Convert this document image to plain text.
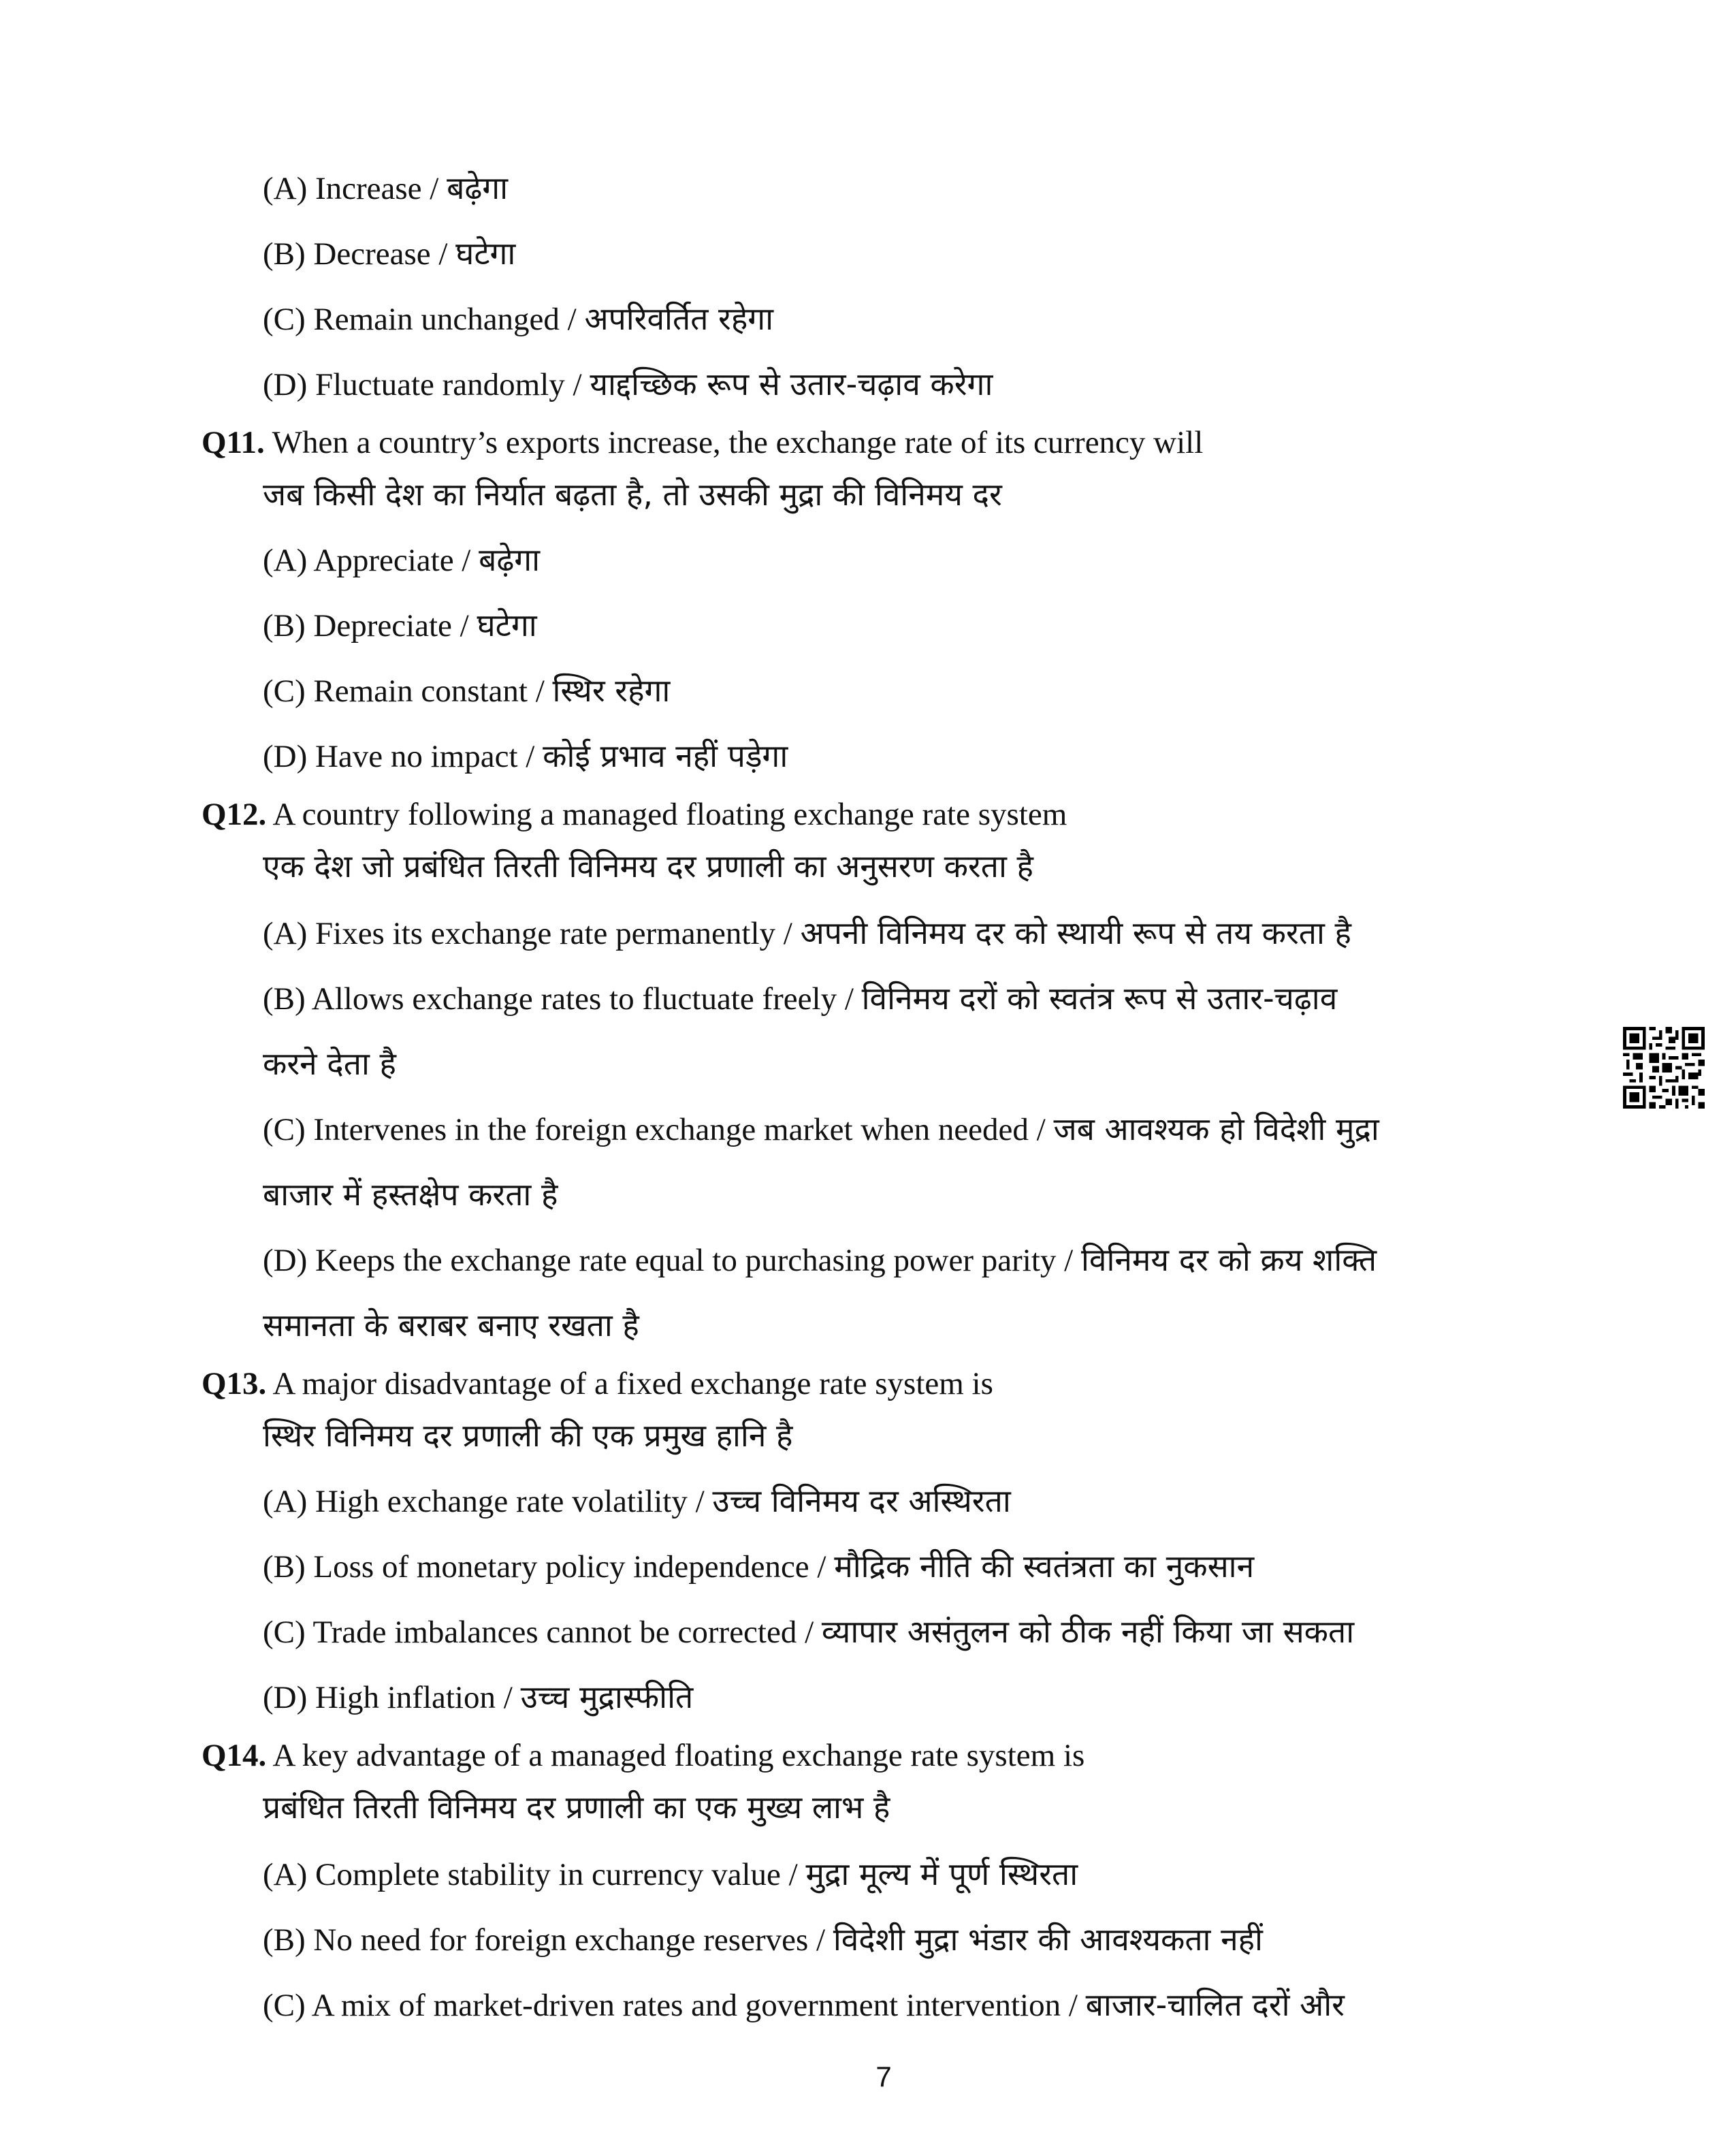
(A) Increase / बढ़ेगा
(B) Decrease / घटेगा
(C) Remain unchanged / अपरिवर्तित रहेगा
(D) Fluctuate randomly / याद्दच्छिक रूप से उतार-चढ़ाव करेगा
Q11. When a country’s exports increase, the exchange rate of its currency will
जब किसी देश का निर्यात बढ़ता है, तो उसकी मुद्रा की विनिमय दर
(A) Appreciate / बढ़ेगा
(B) Depreciate / घटेगा
(C) Remain constant / स्थिर रहेगा
(D) Have no impact / कोई प्रभाव नहीं पड़ेगा
Q12. A country following a managed floating exchange rate system
एक देश जो प्रबंधित तिरती विनिमय दर प्रणाली का अनुसरण करता है
(A) Fixes its exchange rate permanently / अपनी विनिमय दर को स्थायी रूप से तय करता है
(B) Allows exchange rates to fluctuate freely / विनिमय दरों को स्वतंत्र रूप से उतार-चढ़ाव
करने देता है
(C) Intervenes in the foreign exchange market when needed / जब आवश्यक हो विदेशी मुद्रा
बाजार में हस्तक्षेप करता है
(D) Keeps the exchange rate equal to purchasing power parity / विनिमय दर को क्रय शक्ति
समानता के बराबर बनाए रखता है
Q13. A major disadvantage of a fixed exchange rate system is
स्थिर विनिमय दर प्रणाली की एक प्रमुख हानि है
(A) High exchange rate volatility / उच्च विनिमय दर अस्थिरता
(B) Loss of monetary policy independence / मौद्रिक नीति की स्वतंत्रता का नुकसान
(C) Trade imbalances cannot be corrected / व्यापार असंतुलन को ठीक नहीं किया जा सकता
(D) High inflation / उच्च मुद्रास्फीति
Q14. A key advantage of a managed floating exchange rate system is
प्रबंधित तिरती विनिमय दर प्रणाली का एक मुख्य लाभ है
(A) Complete stability in currency value / मुद्रा मूल्य में पूर्ण स्थिरता
(B) No need for foreign exchange reserves / विदेशी मुद्रा भंडार की आवश्यकता नहीं
(C) A mix of market-driven rates and government intervention / बाजार-चालित दरों और
7
